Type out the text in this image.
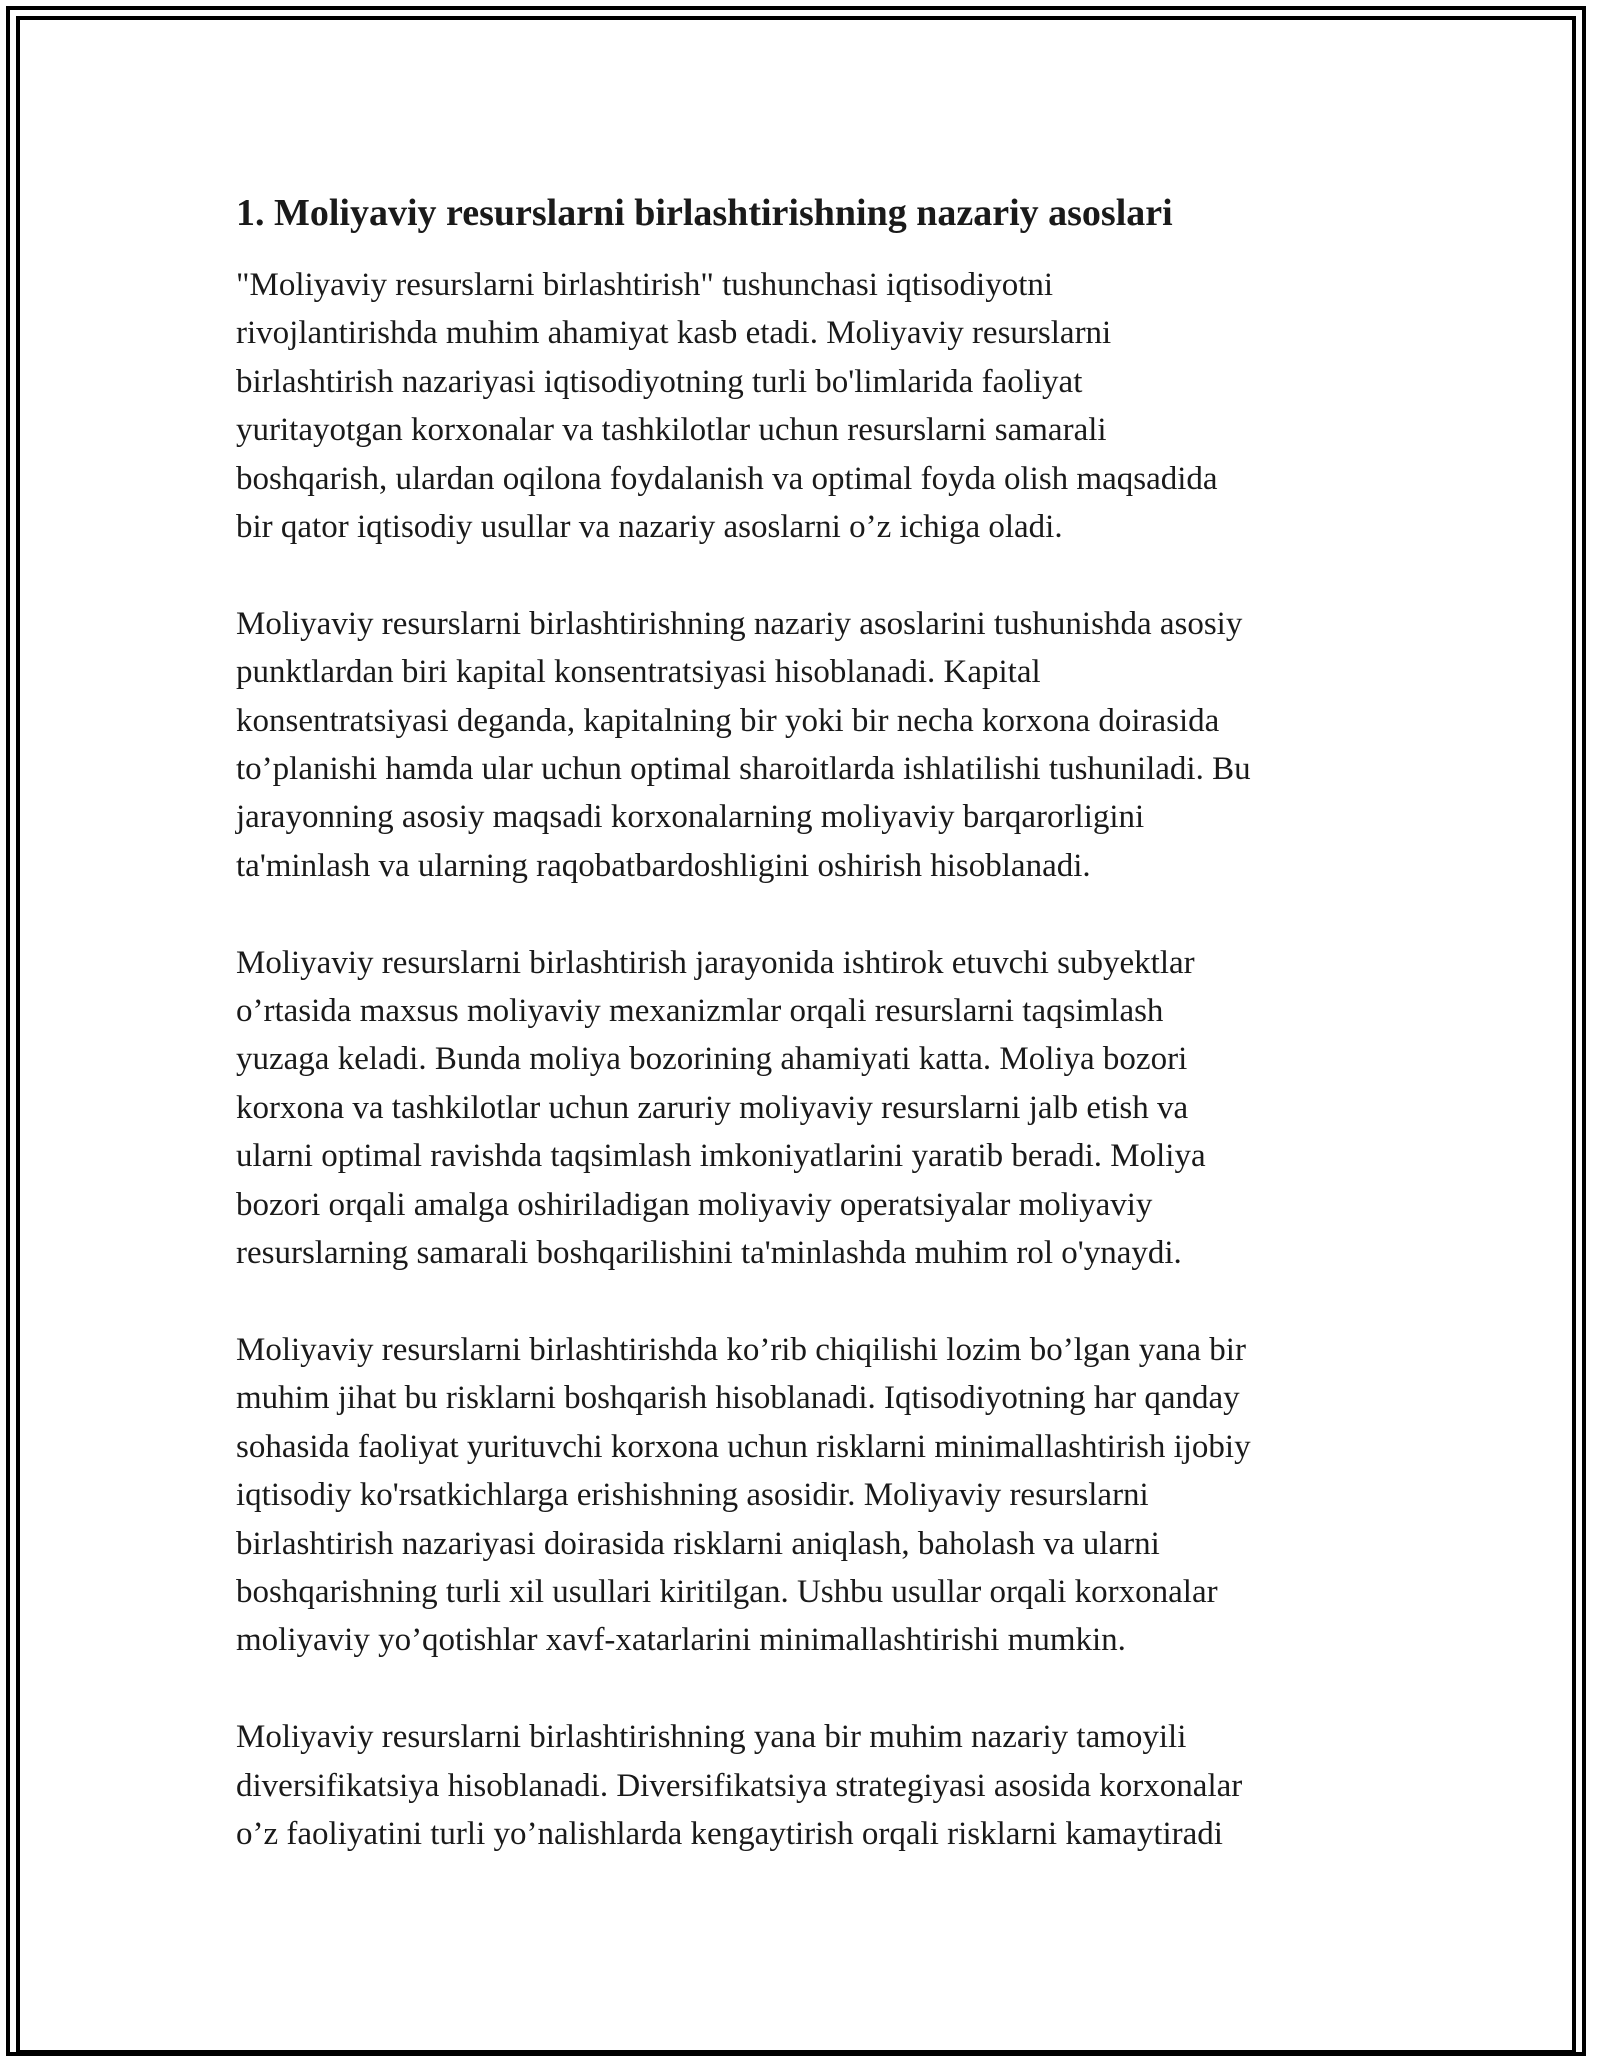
1. Moliyaviy resurslarni birlashtirishning nazariy asoslari
"Moliyaviy resurslarni birlashtirish" tushunchasi iqtisodiyotni
rivojlantirishda muhim ahamiyat kasb etadi. Moliyaviy resurslarni
birlashtirish nazariyasi iqtisodiyotning turli bo'limlarida faoliyat
yuritayotgan korxonalar va tashkilotlar uchun resurslarni samarali
boshqarish, ulardan oqilona foydalanish va optimal foyda olish maqsadida
bir qator iqtisodiy usullar va nazariy asoslarni o’z ichiga oladi.
Moliyaviy resurslarni birlashtirishning nazariy asoslarini tushunishda asosiy
punktlardan biri kapital konsentratsiyasi hisoblanadi. Kapital
konsentratsiyasi deganda, kapitalning bir yoki bir necha korxona doirasida
to’planishi hamda ular uchun optimal sharoitlarda ishlatilishi tushuniladi. Bu
jarayonning asosiy maqsadi korxonalarning moliyaviy barqarorligini
ta'minlash va ularning raqobatbardoshligini oshirish hisoblanadi.
Moliyaviy resurslarni birlashtirish jarayonida ishtirok etuvchi subyektlar
o’rtasida maxsus moliyaviy mexanizmlar orqali resurslarni taqsimlash
yuzaga keladi. Bunda moliya bozorining ahamiyati katta. Moliya bozori
korxona va tashkilotlar uchun zaruriy moliyaviy resurslarni jalb etish va
ularni optimal ravishda taqsimlash imkoniyatlarini yaratib beradi. Moliya
bozori orqali amalga oshiriladigan moliyaviy operatsiyalar moliyaviy
resurslarning samarali boshqarilishini ta'minlashda muhim rol o'ynaydi.
Moliyaviy resurslarni birlashtirishda ko’rib chiqilishi lozim bo’lgan yana bir
muhim jihat bu risklarni boshqarish hisoblanadi. Iqtisodiyotning har qanday
sohasida faoliyat yurituvchi korxona uchun risklarni minimallashtirish ijobiy
iqtisodiy ko'rsatkichlarga erishishning asosidir. Moliyaviy resurslarni
birlashtirish nazariyasi doirasida risklarni aniqlash, baholash va ularni
boshqarishning turli xil usullari kiritilgan. Ushbu usullar orqali korxonalar
moliyaviy yo’qotishlar xavf-xatarlarini minimallashtirishi mumkin.
Moliyaviy resurslarni birlashtirishning yana bir muhim nazariy tamoyili
diversifikatsiya hisoblanadi. Diversifikatsiya strategiyasi asosida korxonalar
o’z faoliyatini turli yo’nalishlarda kengaytirish orqali risklarni kamaytiradi
